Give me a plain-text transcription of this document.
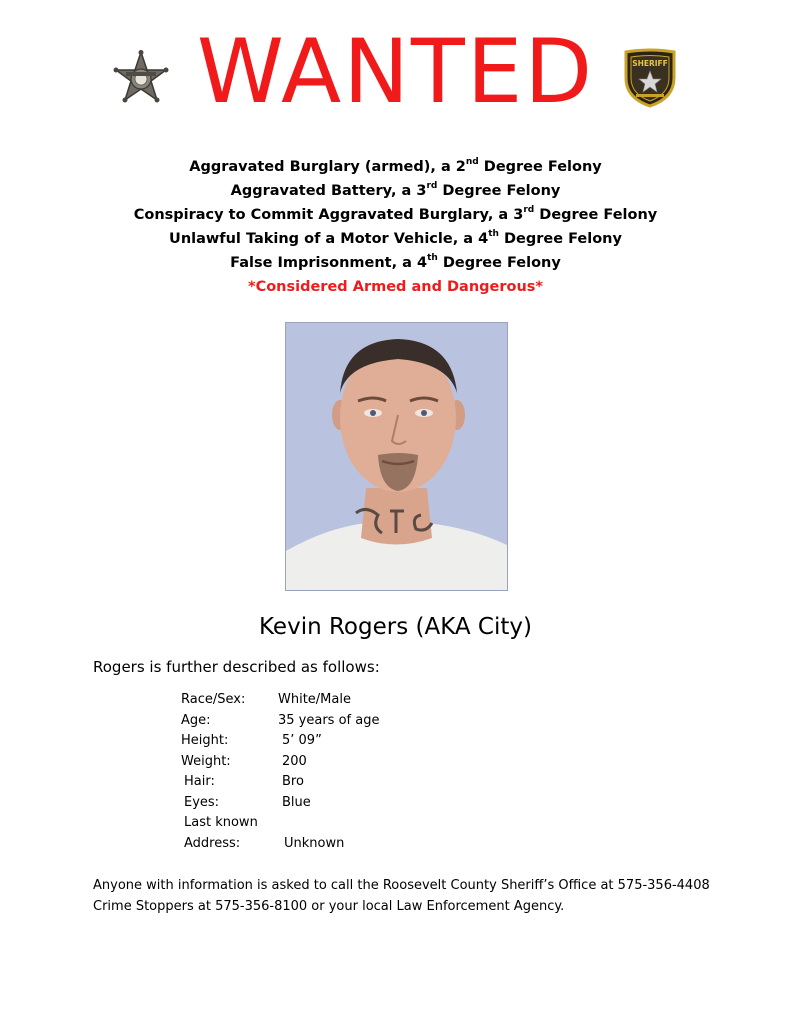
WANTED	SHERIFF
Aggravated Burglary (armed), a 2nd Degree Felony
Aggravated Battery, a 3rd Degree Felony
Conspiracy to Commit Aggravated Burglary, a 3rd Degree Felony
Unlawful Taking of a Motor Vehicle, a 4th Degree Felony
False Imprisonment, a 4th Degree Felony
*Considered Armed and Dangerous*
Kevin Rogers (AKA City)
Rogers is further described as follows:
Race/Sex:	White/Male
Age:	35 years of age
Height:	5’ 09”
Weight:	200
Hair:	Bro
Eyes:	Blue
Last known
Address:	Unknown
Anyone with information is asked to call the Roosevelt County Sheriff’s Office at 575-356-4408
Crime Stoppers at 575-356-8100 or your local Law Enforcement Agency.
